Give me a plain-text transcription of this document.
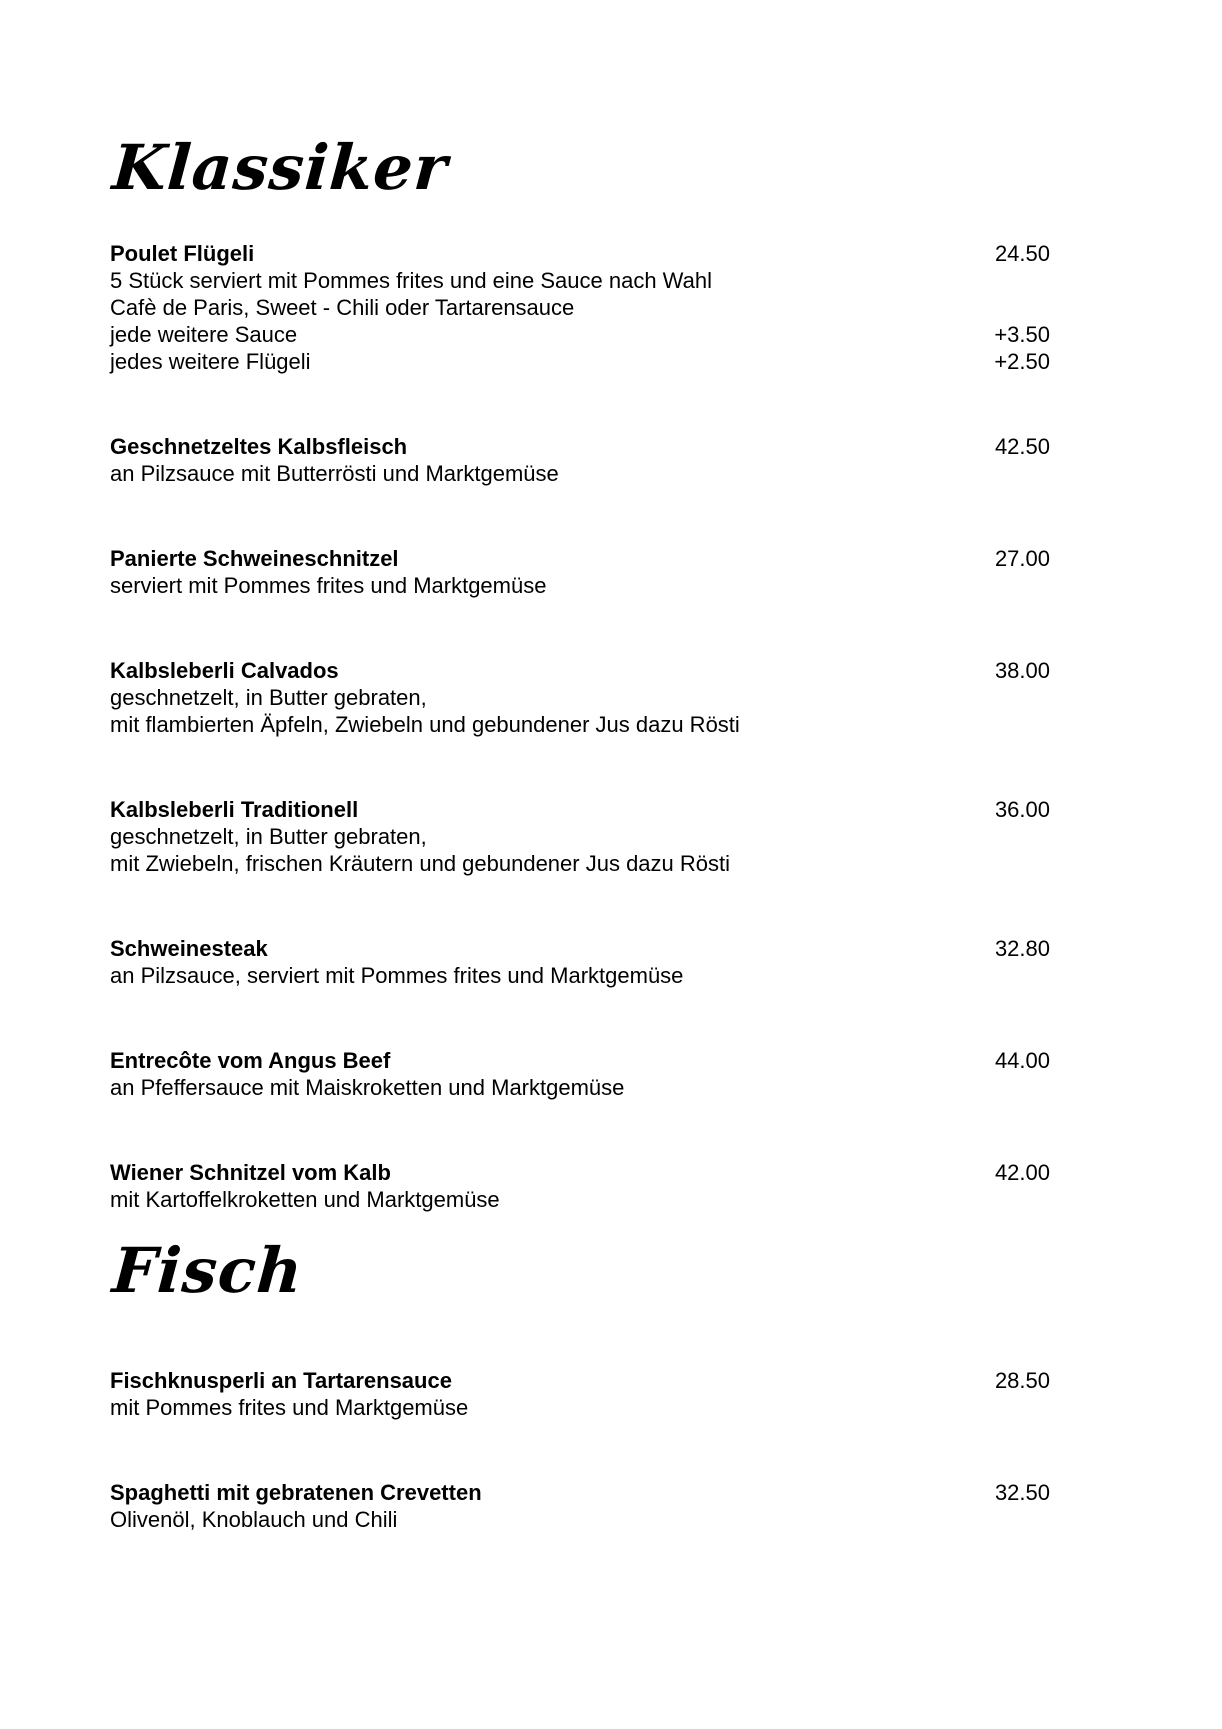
Klassiker
Poulet Flügeli	24.50
5 Stück serviert mit Pommes frites und eine Sauce nach Wahl
Cafè de Paris, Sweet - Chili oder Tartarensauce
jede weitere Sauce	+3.50
jedes weitere Flügeli	+2.50
Geschnetzeltes Kalbsfleisch	42.50
an Pilzsauce mit Butterrösti und Marktgemüse
Panierte Schweineschnitzel	27.00
serviert mit Pommes frites und Marktgemüse
Kalbsleberli Calvados	38.00
geschnetzelt, in Butter gebraten,
mit flambierten Äpfeln, Zwiebeln und gebundener Jus dazu Rösti
Kalbsleberli Traditionell	36.00
geschnetzelt, in Butter gebraten,
mit Zwiebeln, frischen Kräutern und gebundener Jus dazu Rösti
Schweinesteak	32.80
an Pilzsauce, serviert mit Pommes frites und Marktgemüse
Entrecôte vom Angus Beef	44.00
an Pfeffersauce mit Maiskroketten und Marktgemüse
Wiener Schnitzel vom Kalb	42.00
mit Kartoffelkroketten und Marktgemüse
Fisch
Fischknusperli an Tartarensauce	28.50
mit Pommes frites und Marktgemüse
Spaghetti mit gebratenen Crevetten	32.50
Olivenöl, Knoblauch und Chili
